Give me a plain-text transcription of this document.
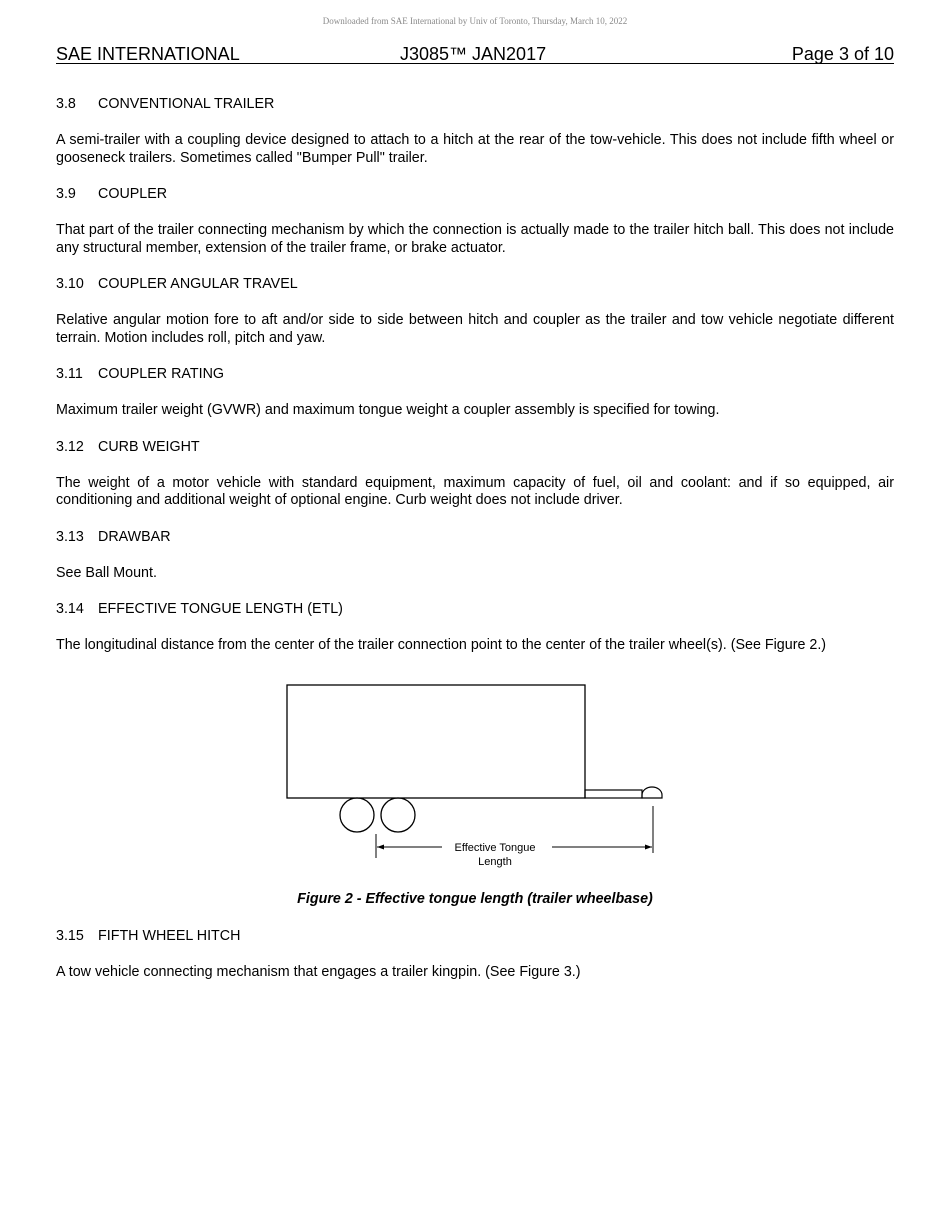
Downloaded from SAE International by Univ of Toronto, Thursday, March 10, 2022
SAE INTERNATIONAL	J3085™ JAN2017	Page 3 of 10
3.8 CONVENTIONAL TRAILER

A semi-trailer with a coupling device designed to attach to a hitch at the rear of the tow-vehicle. This does not include fifth wheel or gooseneck trailers. Sometimes called "Bumper Pull" trailer.

3.9 COUPLER

That part of the trailer connecting mechanism by which the connection is actually made to the trailer hitch ball. This does not include any structural member, extension of the trailer frame, or brake actuator.

3.10 COUPLER ANGULAR TRAVEL

Relative angular motion fore to aft and/or side to side between hitch and coupler as the trailer and tow vehicle negotiate different terrain. Motion includes roll, pitch and yaw.

3.11 COUPLER RATING

Maximum trailer weight (GVWR) and maximum tongue weight a coupler assembly is specified for towing.

3.12 CURB WEIGHT

The weight of a motor vehicle with standard equipment, maximum capacity of fuel, oil and coolant: and if so equipped, air conditioning and additional weight of optional engine. Curb weight does not include driver.

3.13 DRAWBAR

See Ball Mount.

3.14 EFFECTIVE TONGUE LENGTH (ETL)

The longitudinal distance from the center of the trailer connection point to the center of the trailer wheel(s). (See Figure 2.)

Effective Tongue
Length
Figure 2 - Effective tongue length (trailer wheelbase)
3.15 FIFTH WHEEL HITCH

A tow vehicle connecting mechanism that engages a trailer kingpin. (See Figure 3.)
